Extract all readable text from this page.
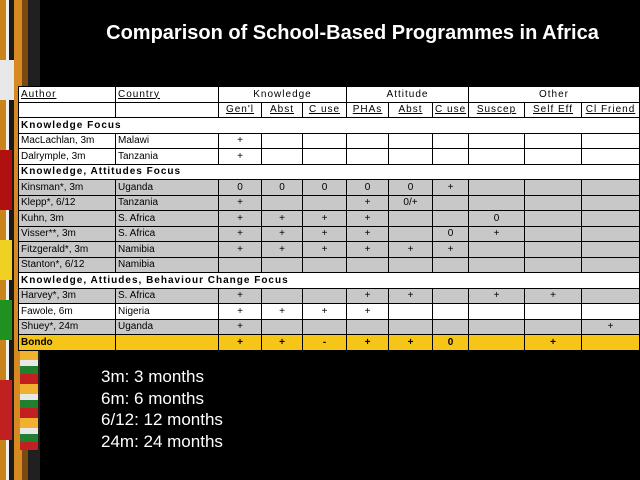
Comparison of School-Based Programmes in Africa
Author	Country	Knowledge			Attitude			Other		
		Gen'l	Abst	C use	PHAs	Abst	C use	Suscep	Self Eff	Cl Friend
Knowledge Focus										
MacLachlan, 3m	Malawi	+								
Dalrymple, 3m	Tanzania	+								
Knowledge, Attitudes Focus										
Kinsman*, 3m	Uganda	0	0	0	0	0	+			
Klepp*, 6/12	Tanzania	+			+	0/+				
Kuhn, 3m	S. Africa	+	+	+	+			0		
Visser**, 3m	S. Africa	+	+	+	+		0	+		
Fitzgerald*, 3m	Namibia	+	+	+	+	+	+			
Stanton*, 6/12	Namibia									
Knowledge, Attiudes, Behaviour Change Focus										
Harvey*, 3m	S. Africa	+			+	+		+	+	
Fawole, 6m	Nigeria	+	+	+	+					
Shuey*, 24m	Uganda	+								+
Bondo		+	+	-	+	+	0		+	
3m: 3 months
6m: 6 months
6/12: 12 months
24m: 24 months
